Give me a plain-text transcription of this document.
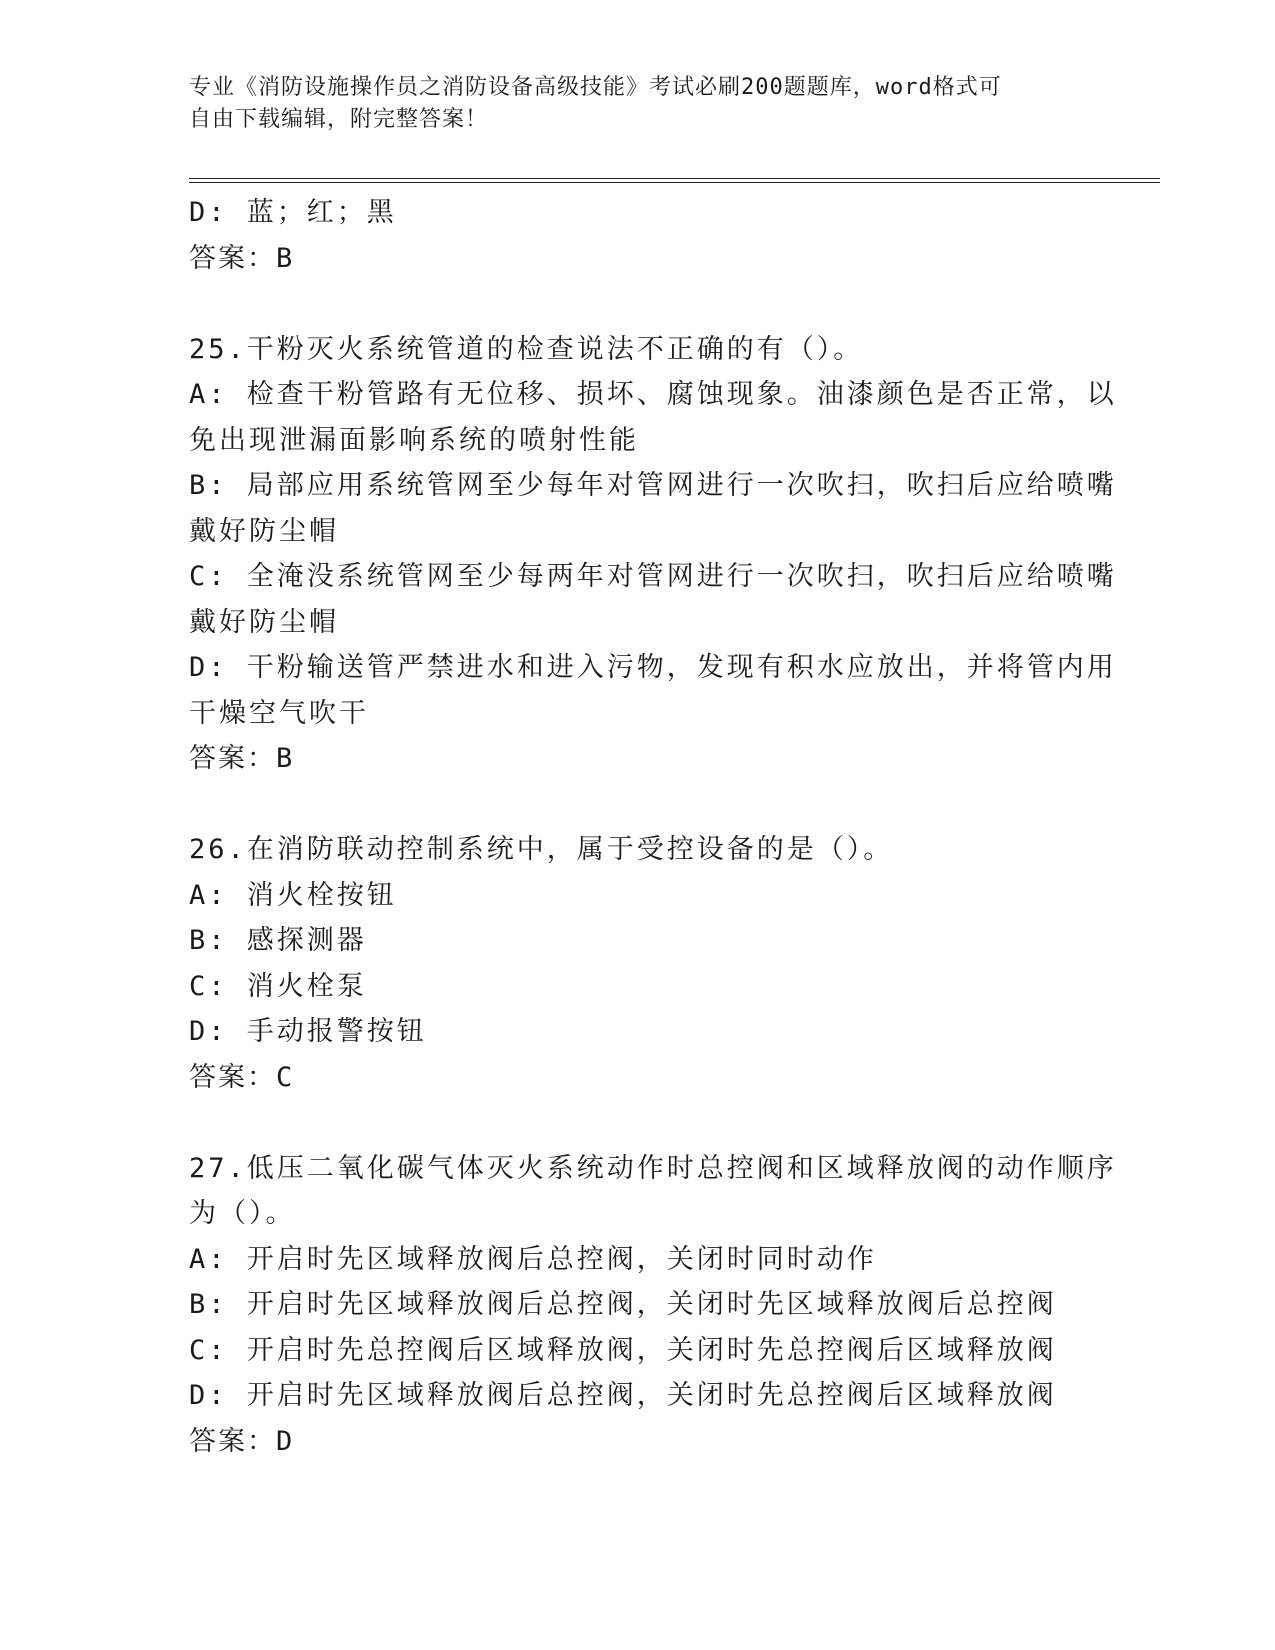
专业《消防设施操作员之消防设备高级技能》考试必刷200题题库，word格式可
自由下载编辑，附完整答案！
D: 蓝；红；黑
答案：B
25.干粉灭火系统管道的检查说法不正确的有（）。
A: 检查干粉管路有无位移、损坏、腐蚀现象。油漆颜色是否正常，以
免出现泄漏面影响系统的喷射性能
B: 局部应用系统管网至少每年对管网进行一次吹扫，吹扫后应给喷嘴
戴好防尘帽
C: 全淹没系统管网至少每两年对管网进行一次吹扫，吹扫后应给喷嘴
戴好防尘帽
D: 干粉输送管严禁进水和进入污物，发现有积水应放出，并将管内用
干燥空气吹干
答案：B
26.在消防联动控制系统中，属于受控设备的是（）。
A: 消火栓按钮
B: 感探测器
C: 消火栓泵
D: 手动报警按钮
答案：C
27.低压二氧化碳气体灭火系统动作时总控阀和区域释放阀的动作顺序
为（）。
A: 开启时先区域释放阀后总控阀，关闭时同时动作
B: 开启时先区域释放阀后总控阀，关闭时先区域释放阀后总控阀
C: 开启时先总控阀后区域释放阀，关闭时先总控阀后区域释放阀
D: 开启时先区域释放阀后总控阀，关闭时先总控阀后区域释放阀
答案：D
